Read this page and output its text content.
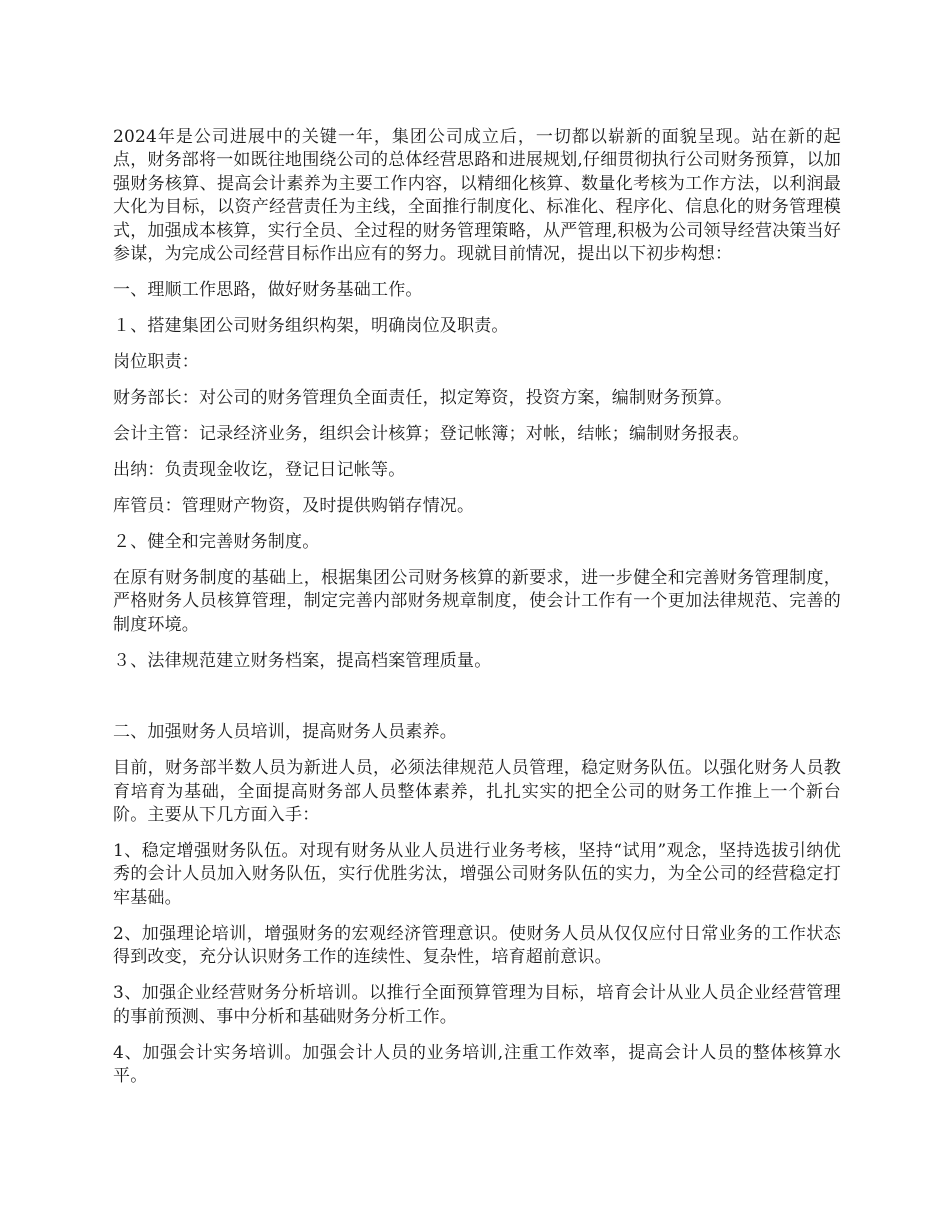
2024年是公司进展中的关键一年，集团公司成立后，一切都以崭新的面貌呈现。站在新的起点，财务部将一如既往地围绕公司的总体经营思路和进展规划,仔细贯彻执行公司财务预算，以加强财务核算、提高会计素养为主要工作内容，以精细化核算、数量化考核为工作方法，以利润最大化为目标，以资产经营责任为主线，全面推行制度化、标准化、程序化、信息化的财务管理模式，加强成本核算，实行全员、全过程的财务管理策略，从严管理,积极为公司领导经营决策当好参谋，为完成公司经营目标作出应有的努力。现就目前情况，提出以下初步构想：

一、理顺工作思路，做好财务基础工作。

１、搭建集团公司财务组织构架，明确岗位及职责。

岗位职责：

财务部长：对公司的财务管理负全面责任，拟定筹资，投资方案，编制财务预算。

会计主管：记录经济业务，组织会计核算；登记帐簿；对帐，结帐；编制财务报表。

出纳：负责现金收讫，登记日记帐等。

库管员：管理财产物资，及时提供购销存情况。

２、健全和完善财务制度。

在原有财务制度的基础上，根据集团公司财务核算的新要求，进一步健全和完善财务管理制度，严格财务人员核算管理，制定完善内部财务规章制度，使会计工作有一个更加法律规范、完善的制度环境。

３、法律规范建立财务档案，提高档案管理质量。

二、加强财务人员培训，提高财务人员素养。

目前，财务部半数人员为新进人员，必须法律规范人员管理，稳定财务队伍。以强化财务人员教育培育为基础，全面提高财务部人员整体素养，扎扎实实的把全公司的财务工作推上一个新台阶。主要从下几方面入手：

1、稳定增强财务队伍。对现有财务从业人员进行业务考核，坚持“试用”观念，坚持选拔引纳优秀的会计人员加入财务队伍，实行优胜劣汰，增强公司财务队伍的实力，为全公司的经营稳定打牢基础。

2、加强理论培训，增强财务的宏观经济管理意识。使财务人员从仅仅应付日常业务的工作状态得到改变，充分认识财务工作的连续性、复杂性，培育超前意识。

3、加强企业经营财务分析培训。以推行全面预算管理为目标，培育会计从业人员企业经营管理的事前预测、事中分析和基础财务分析工作。

4、加强会计实务培训。加强会计人员的业务培训,注重工作效率，提高会计人员的整体核算水平。
